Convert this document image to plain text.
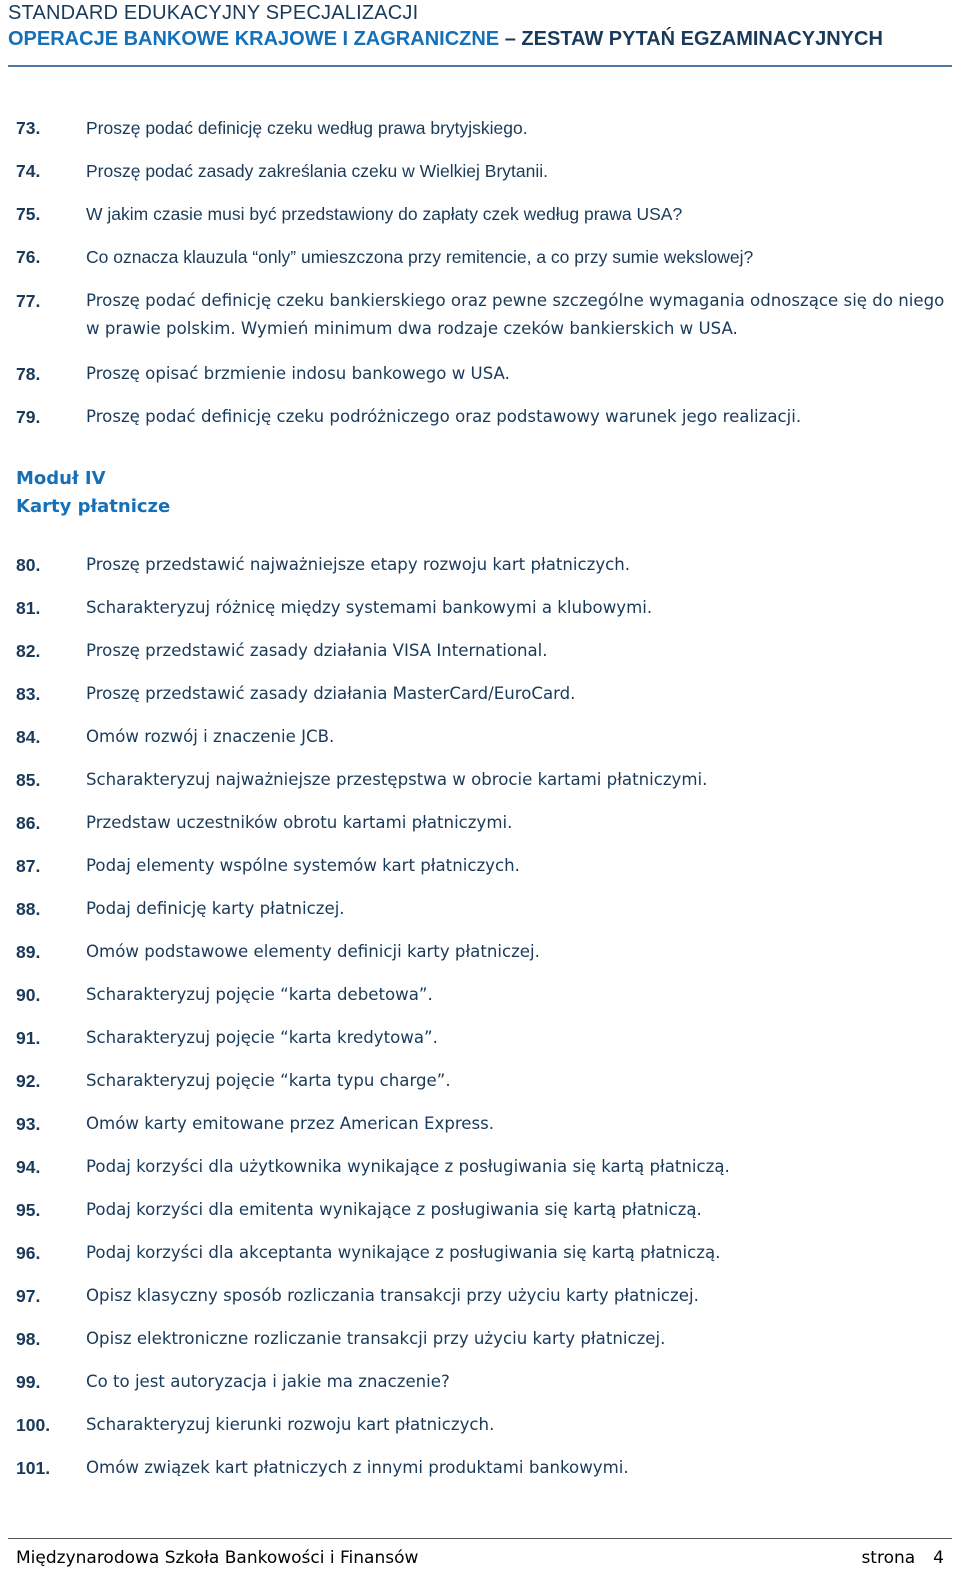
STANDARD EDUKACYJNY SPECJALIZACJI
OPERACJE BANKOWE KRAJOWE I ZAGRANICZNE – ZESTAW PYTAŃ EGZAMINACYJNYCH
73.	Proszę podać definicję czeku według prawa brytyjskiego.
74.	Proszę podać zasady zakreślania czeku w Wielkiej Brytanii.
75.	W jakim czasie musi być przedstawiony do zapłaty czek według prawa USA?
76.	Co oznacza klauzula “only” umieszczona przy remitencie, a co przy sumie wekslowej?
77.	Proszę podać definicję czeku bankierskiego oraz pewne szczególne wymagania odnoszące się do niego w prawie polskim. Wymień minimum dwa rodzaje czeków bankierskich w USA.
78.	Proszę opisać brzmienie indosu bankowego w USA.
79.	Proszę podać definicję czeku podróżniczego oraz podstawowy warunek jego realizacji.
Moduł IV
Karty płatnicze
80.	Proszę przedstawić najważniejsze etapy rozwoju kart płatniczych.
81.	Scharakteryzuj różnicę między systemami bankowymi a klubowymi.
82.	Proszę przedstawić zasady działania VISA International.
83.	Proszę przedstawić zasady działania MasterCard/EuroCard.
84.	Omów rozwój i znaczenie JCB.
85.	Scharakteryzuj najważniejsze przestępstwa w obrocie kartami płatniczymi.
86.	Przedstaw uczestników obrotu kartami płatniczymi.
87.	Podaj elementy wspólne systemów kart płatniczych.
88.	Podaj definicję karty płatniczej.
89.	Omów podstawowe elementy definicji karty płatniczej.
90.	Scharakteryzuj pojęcie “karta debetowa”.
91.	Scharakteryzuj pojęcie “karta kredytowa”.
92.	Scharakteryzuj pojęcie “karta typu charge”.
93.	Omów karty emitowane przez American Express.
94.	Podaj korzyści dla użytkownika wynikające z posługiwania się kartą płatniczą.
95.	Podaj korzyści dla emitenta wynikające z posługiwania się kartą płatniczą.
96.	Podaj korzyści dla akceptanta wynikające z posługiwania się kartą płatniczą.
97.	Opisz klasyczny sposób rozliczania transakcji przy użyciu karty płatniczej.
98.	Opisz elektroniczne rozliczanie transakcji przy użyciu karty płatniczej.
99.	Co to jest autoryzacja i jakie ma znaczenie?
100. Scharakteryzuj kierunki rozwoju kart płatniczych.
101. Omów związek kart płatniczych z innymi produktami bankowymi.
Międzynarodowa Szkoła Bankowości i Finansów	strona 4
